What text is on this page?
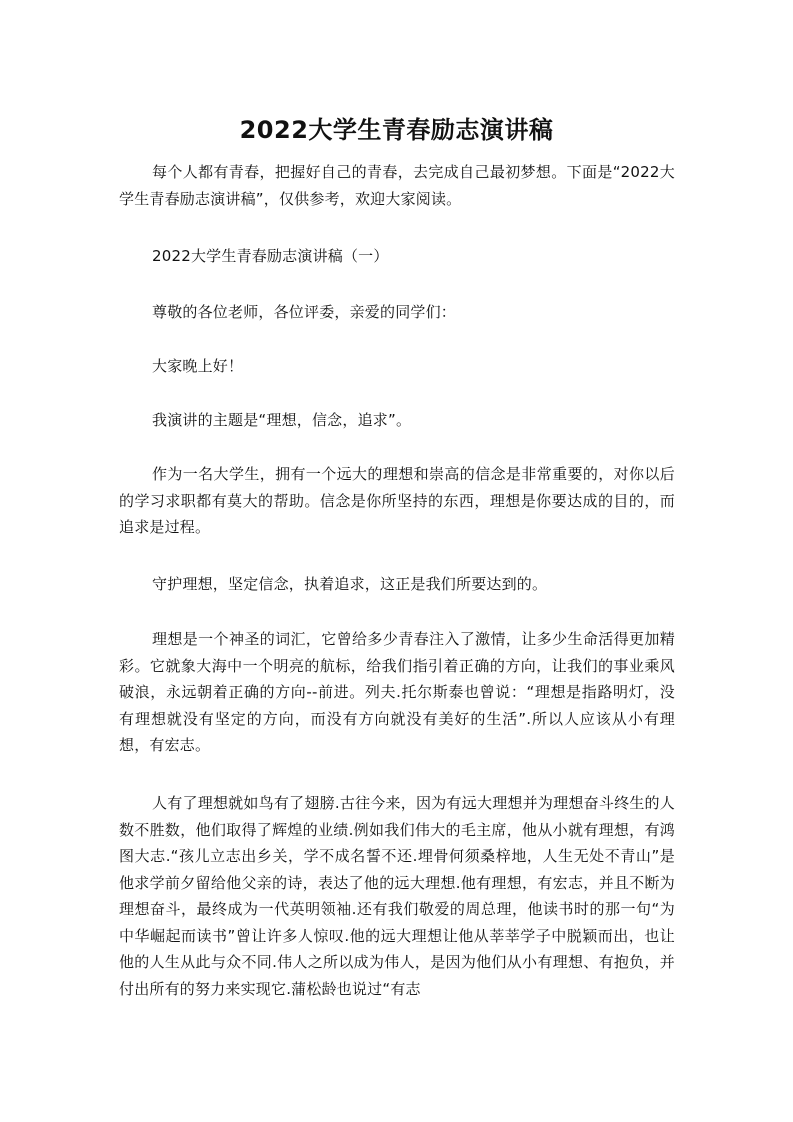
2022大学生青春励志演讲稿

每个人都有青春，把握好自己的青春，去完成自己最初梦想。下面是“2022大学生青春励志演讲稿”，仅供参考，欢迎大家阅读。

2022大学生青春励志演讲稿（一）

尊敬的各位老师，各位评委，亲爱的同学们：

大家晚上好！

我演讲的主题是“理想，信念，追求”。

作为一名大学生，拥有一个远大的理想和崇高的信念是非常重要的，对你以后的学习求职都有莫大的帮助。信念是你所坚持的东西，理想是你要达成的目的，而追求是过程。

守护理想，坚定信念，执着追求，这正是我们所要达到的。

理想是一个神圣的词汇，它曾给多少青春注入了激情，让多少生命活得更加精彩。它就象大海中一个明亮的航标，给我们指引着正确的方向，让我们的事业乘风破浪，永远朝着正确的方向--前进。列夫.托尔斯泰也曾说：“理想是指路明灯，没有理想就没有坚定的方向，而没有方向就没有美好的生活”.所以人应该从小有理想，有宏志。

人有了理想就如鸟有了翅膀.古往今来，因为有远大理想并为理想奋斗终生的人数不胜数，他们取得了辉煌的业绩.例如我们伟大的毛主席，他从小就有理想，有鸿图大志.“孩儿立志出乡关，学不成名誓不还.埋骨何须桑梓地，人生无处不青山”是他求学前夕留给他父亲的诗，表达了他的远大理想.他有理想，有宏志，并且不断为理想奋斗，最终成为一代英明领袖.还有我们敬爱的周总理，他读书时的那一句“为中华崛起而读书”曾让许多人惊叹.他的远大理想让他从莘莘学子中脱颖而出，也让他的人生从此与众不同.伟人之所以成为伟人，是因为他们从小有理想、有抱负，并付出所有的努力来实现它.蒲松龄也说过“有志
